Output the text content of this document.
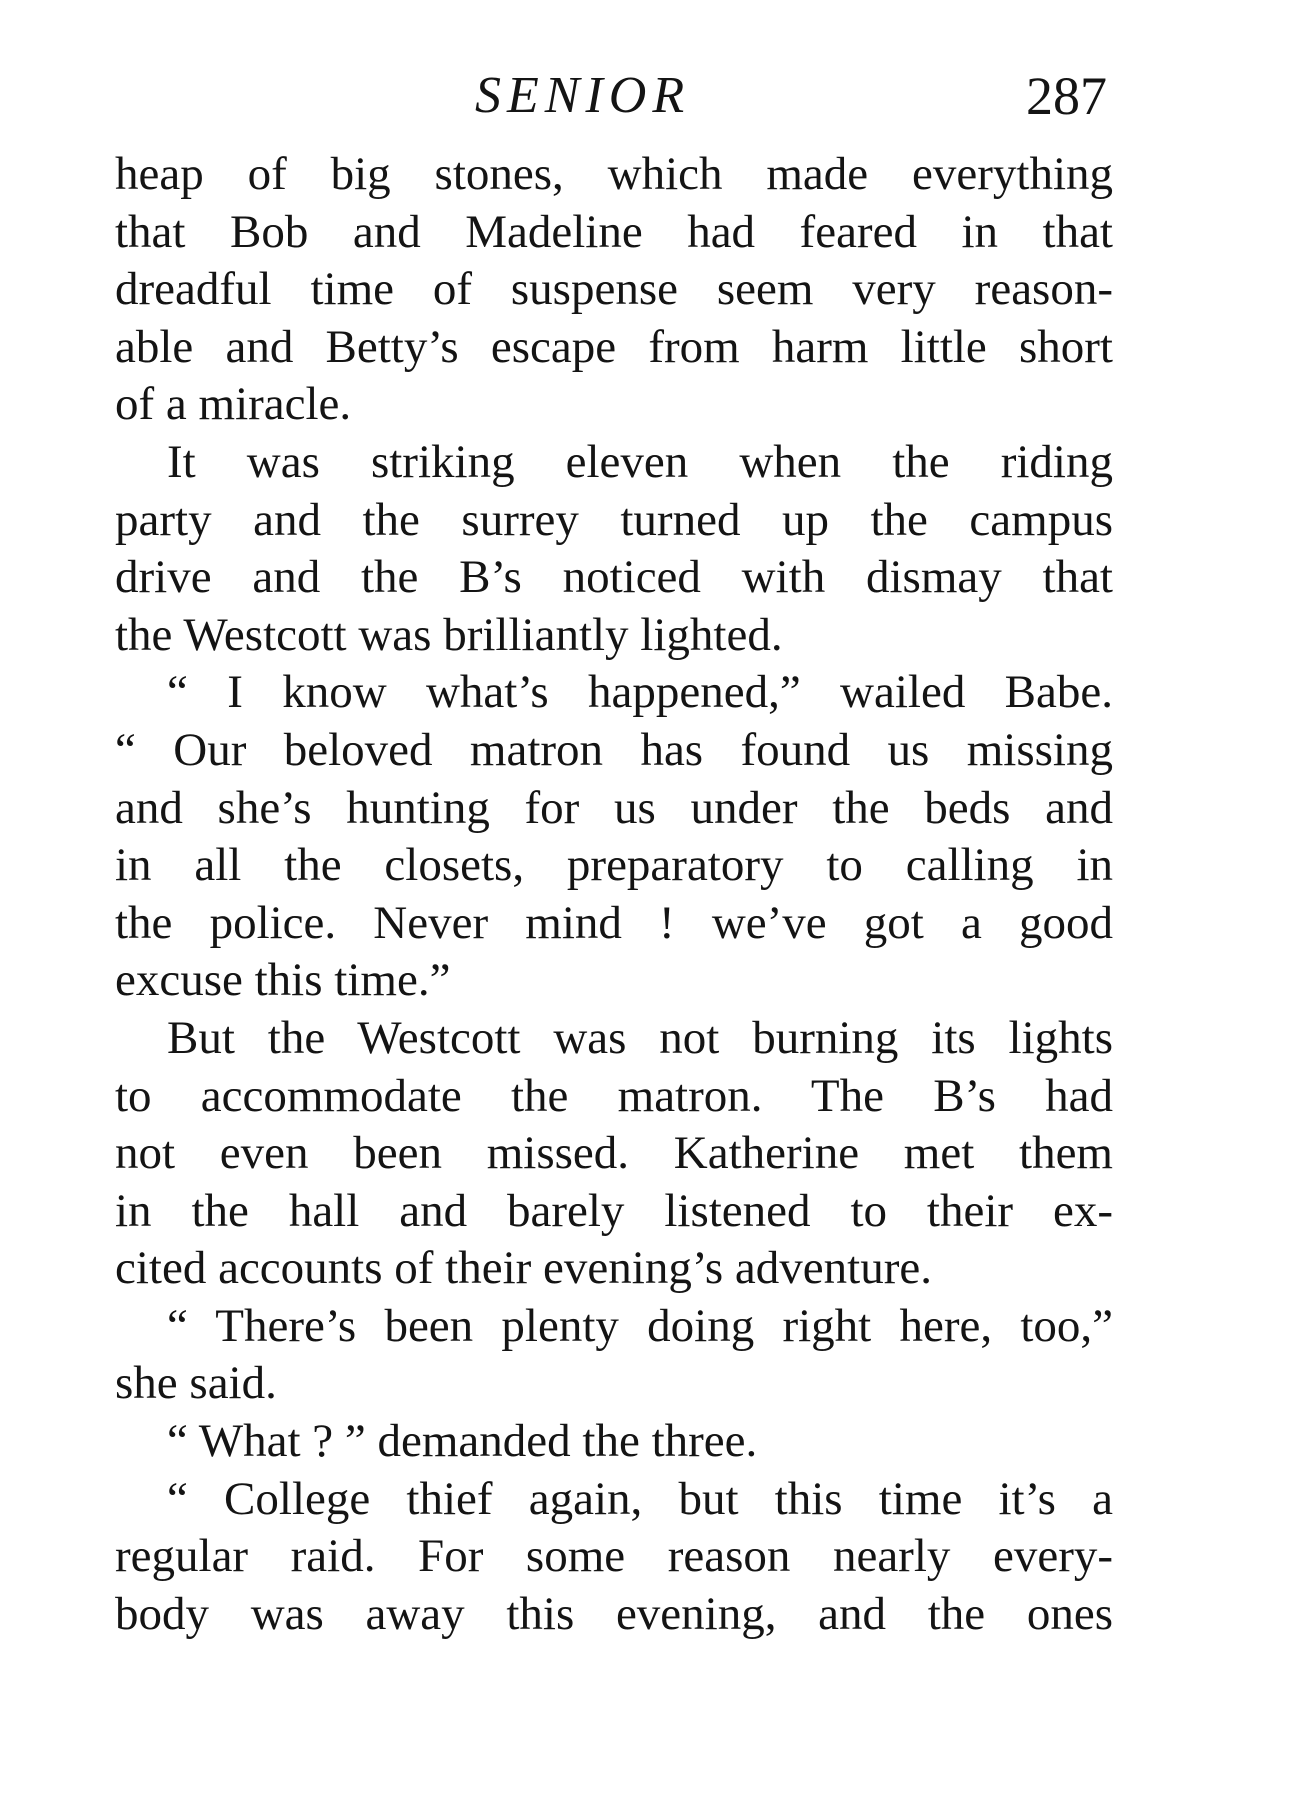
SENIOR	287
heap of big stones, which made everything
that Bob and Madeline had feared in that
dreadful time of suspense seem very reason-
able and Betty’s escape from harm little short
of a miracle.
It was striking eleven when the riding
party and the surrey turned up the campus
drive and the B’s noticed with dismay that
the Westcott was brilliantly lighted.
“ I know what’s happened,” wailed Babe.
“ Our beloved matron has found us missing
and she’s hunting for us under the beds and
in all the closets, preparatory to calling in
the police. Never mind ! we’ve got a good
excuse this time.”
But the Westcott was not burning its lights
to accommodate the matron. The B’s had
not even been missed. Katherine met them
in the hall and barely listened to their ex-
cited accounts of their evening’s adventure.
“ There’s been plenty doing right here, too,”
she said.
“ What ? ” demanded the three.
“ College thief again, but this time it’s a
regular raid. For some reason nearly every-
body was away this evening, and the ones
